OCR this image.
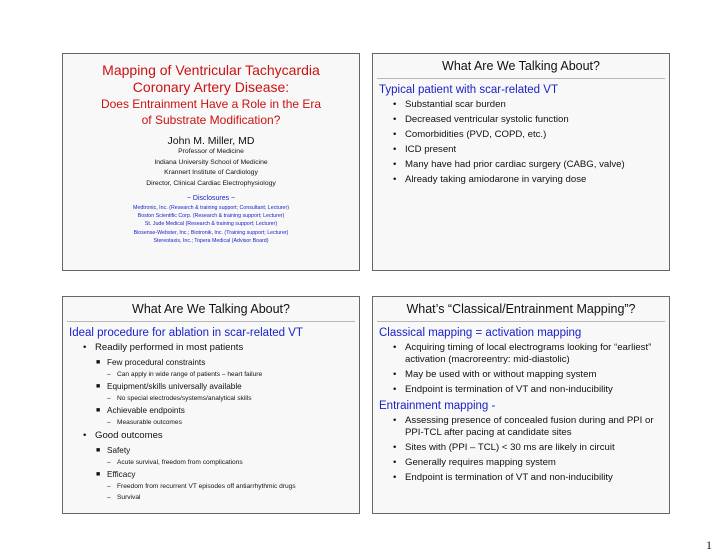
Mapping of Ventricular Tachycardia
Coronary Artery Disease:
Does Entrainment Have a Role in the Era
of Substrate Modification?
John M. Miller, MD
Professor of Medicine
Indiana University School of Medicine
Krannert Institute of Cardiology
Director, Clinical Cardiac Electrophysiology
~ Disclosures ~
Medtronic, Inc. (Research & training support; Consultant; Lecturer)
Boston Scientific Corp. (Research & training support; Lecturer)
St. Jude Medical (Research & training support; Lecturer)
Biosense-Webster, Inc.; Biotronik, Inc. (Training support; Lecturer)
Stereotaxis, Inc.; Topera Medical (Advisor Board)
What Are We Talking About?
Typical patient with scar-related VT
• Substantial scar burden
• Decreased ventricular systolic function
• Comorbidities (PVD, COPD, etc.)
• ICD present
• Many have had prior cardiac surgery (CABG, valve)
• Already taking amiodarone in varying dose
What Are We Talking About?
Ideal procedure for ablation in scar-related VT
• Readily performed in most patients
■ Few procedural constraints
– Can apply in wide range of patients – heart failure
■ Equipment/skills universally available
– No special electrodes/systems/analytical skills
■ Achievable endpoints
– Measurable outcomes
• Good outcomes
■ Safety
– Acute survival, freedom from complications
■ Efficacy
– Freedom from recurrent VT episodes off antiarrhythmic drugs
– Survival
What’s “Classical/Entrainment Mapping”?
Classical mapping = activation mapping
• Acquiring timing of local electrograms looking for “earliest” activation (macroreentry: mid-diastolic)
• May be used with or without mapping system
• Endpoint is termination of VT and non-inducibility
Entrainment mapping -
• Assessing presence of concealed fusion during and PPI or PPI-TCL after pacing at candidate sites
• Sites with (PPI – TCL) < 30 ms are likely in circuit
• Generally requires mapping system
• Endpoint is termination of VT and non-inducibility
1
